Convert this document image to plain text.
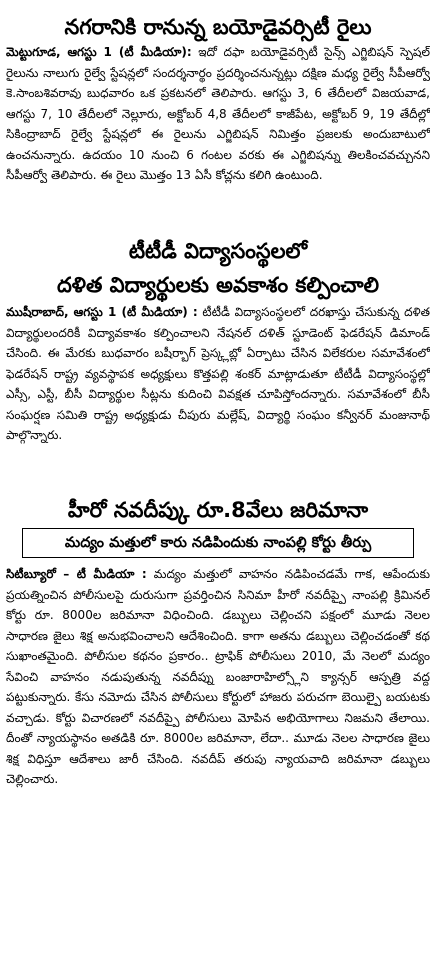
నగరానికి రానున్న బయోడైవర్సిటీ రైలు

మెట్టుగూడ, ఆగస్టు 1 (టీ మీడియా): ఇదో దఫా బయోడైవర్సిటీ సైన్స్ ఎగ్జిబిషన్ స్పెషల్ రైలును నాలుగు రైల్వే స్టేషన్లలో సందర్శనార్థం ప్రదర్శించనున్నట్లు దక్షిణ మధ్య రైల్వే సీపీఆర్వో కె.సాంబశివరావు బుధవారం ఒక ప్రకటనలో తెలిపారు. ఆగస్టు 3, 6 తేదీలలో విజయవాడ, ఆగస్టు 7, 10 తేదీలలో నెల్లూరు, అక్టోబర్ 4,8 తేదీలలో కాజీపేట, అక్టోబర్ 9, 19 తేదీల్లో సికింద్రాబాద్ రైల్వే స్టేషన్లలో ఈ రైలును ఎగ్జిబిషన్ నిమిత్తం ప్రజలకు అందుబాటులో ఉంచనున్నారు. ఉదయం 10 నుంచి 6 గంటల వరకు ఈ ఎగ్జిబిషన్ను తిలకించవచ్చునని సీపీఆర్వో తెలిపారు. ఈ రైలు మొత్తం 13 ఏసీ కోచ్లను కలిగి ఉంటుంది.

టీటీడీ విద్యాసంస్థలలో
దళిత విద్యార్థులకు అవకాశం కల్పించాలి

ముషీరాబాద్, ఆగస్టు 1 (టీ మీడియా) : టీటీడీ విద్యాసంస్థలలో దరఖాస్తు చేసుకున్న దళిత విద్యార్థులందరికీ విద్యావకాశం కల్పించాలని నేషనల్ దళిత్ స్టూడెంట్ ఫెడరేషన్ డిమాండ్ చేసింది. ఈ మేరకు బుధవారం బషీర్బాగ్ ప్రెస్క్లబ్లో ఏర్పాటు చేసిన విలేకరుల సమావేశంలో ఫెడరేషన్ రాష్ట్ర వ్యవస్థాపక అధ్యక్షులు కొత్తపల్లి శంకర్ మాట్లాడుతూ టీటీడీ విద్యాసంస్థల్లో ఎస్సీ, ఎస్టీ, బీసీ విద్యార్థుల సీట్లను కుదించి వివక్షత చూపిస్తోందన్నారు. సమావేశంలో బీసీ సంఘర్షణ సమితి రాష్ట్ర అధ్యక్షుడు చీపురు మల్లేష్, విద్యార్థి సంఘం కన్వీనర్ మంజునాథ్ పాల్గొన్నారు.

హీరో నవదీప్కు రూ.8వేలు జరిమానా
మద్యం మత్తులో కారు నడిపిందుకు నాంపల్లి కోర్టు తీర్పు

సిటీబ్యూరో – టీ మీడియా : మద్యం మత్తులో వాహనం నడిపించడమే గాక, ఆపేందుకు ప్రయత్నించిన పోలీసులపై దురుసుగా ప్రవర్తించిన సినిమా హీరో నవదీప్పై నాంపల్లి క్రిమినల్ కోర్టు రూ. 8000ల జరిమానా విధించింది. డబ్బులు చెల్లించని పక్షంలో మూడు నెలల సాధారణ జైలు శిక్ష అనుభవించాలని ఆదేశించింది. కాగా అతను డబ్బులు చెల్లించడంతో కథ సుఖాంతమైంది. పోలీసుల కథనం ప్రకారం.. ట్రాఫిక్ పోలీసులు 2010, మే నెలలో మద్యం సేవించి వాహనం నడుపుతున్న నవదీప్ను బంజారాహిల్స్లోని క్యాన్సర్ ఆస్పత్రి వద్ద పట్టుకున్నారు. కేసు నమోదు చేసిన పోలీసులు కోర్టులో హాజరు పరుచగా బెయిల్పై బయటకు వచ్చాడు. కోర్టు విచారణలో నవదీప్పై పోలీసులు మోపిన అభియోగాలు నిజమని తేలాయి. దీంతో న్యాయస్థానం అతడికి రూ. 8000ల జరిమానా, లేదా.. మూడు నెలల సాధారణ జైలు శిక్ష విధిస్తూ ఆదేశాలు జారీ చేసింది. నవదీప్ తరుపు న్యాయవాది జరిమానా డబ్బులు చెల్లించారు.
